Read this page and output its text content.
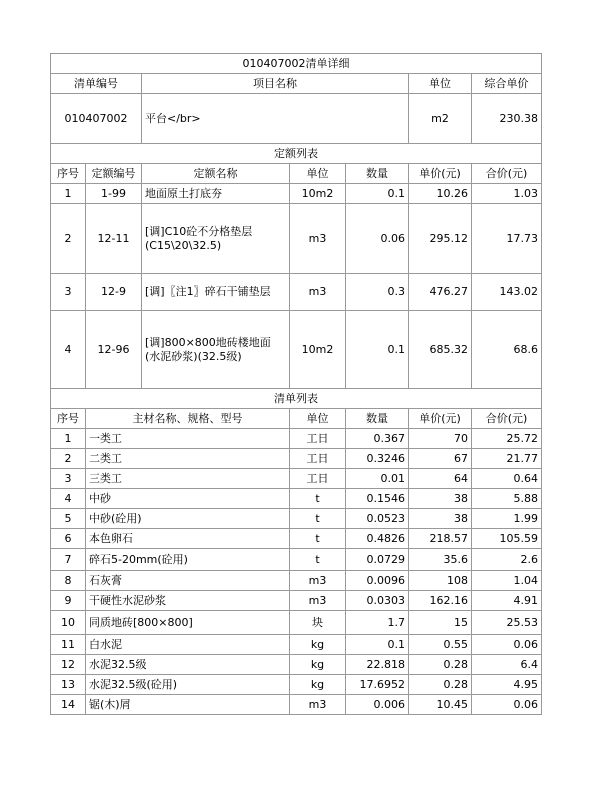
010407002清单详细			
清单编号	项目名称	单位	综合单价
010407002	平台</br>	m2	230.38
定额列表						
序号	定额编号	定额名称	单位	数量	单价(元)	合价(元)
1	1-99	地面原土打底夯	10m2	0.1	10.26	1.03
2	12-11	[调]C10砼不分格垫层(C15\20\32.5)	m3	0.06	295.12	17.73
3	12-9	[调]〖注1〗碎石干铺垫层	m3	0.3	476.27	143.02
4	12-96	[调]800×800地砖楼地面(水泥砂浆)(32.5级)	10m2	0.1	685.32	68.6
清单列表					
序号	主材名称、规格、型号	单位	数量	单价(元)	合价(元)
1	一类工	工日	0.367	70	25.72
2	二类工	工日	0.3246	67	21.77
3	三类工	工日	0.01	64	0.64
4	中砂	t	0.1546	38	5.88
5	中砂(砼用)	t	0.0523	38	1.99
6	本色卵石	t	0.4826	218.57	105.59
7	碎石5-20mm(砼用)	t	0.0729	35.6	2.6
8	石灰膏	m3	0.0096	108	1.04
9	干硬性水泥砂浆	m3	0.0303	162.16	4.91
10	同质地砖[800×800]	块	1.7	15	25.53
11	白水泥	kg	0.1	0.55	0.06
12	水泥32.5级	kg	22.818	0.28	6.4
13	水泥32.5级(砼用)	kg	17.6952	0.28	4.95
14	锯(木)屑	m3	0.006	10.45	0.06
